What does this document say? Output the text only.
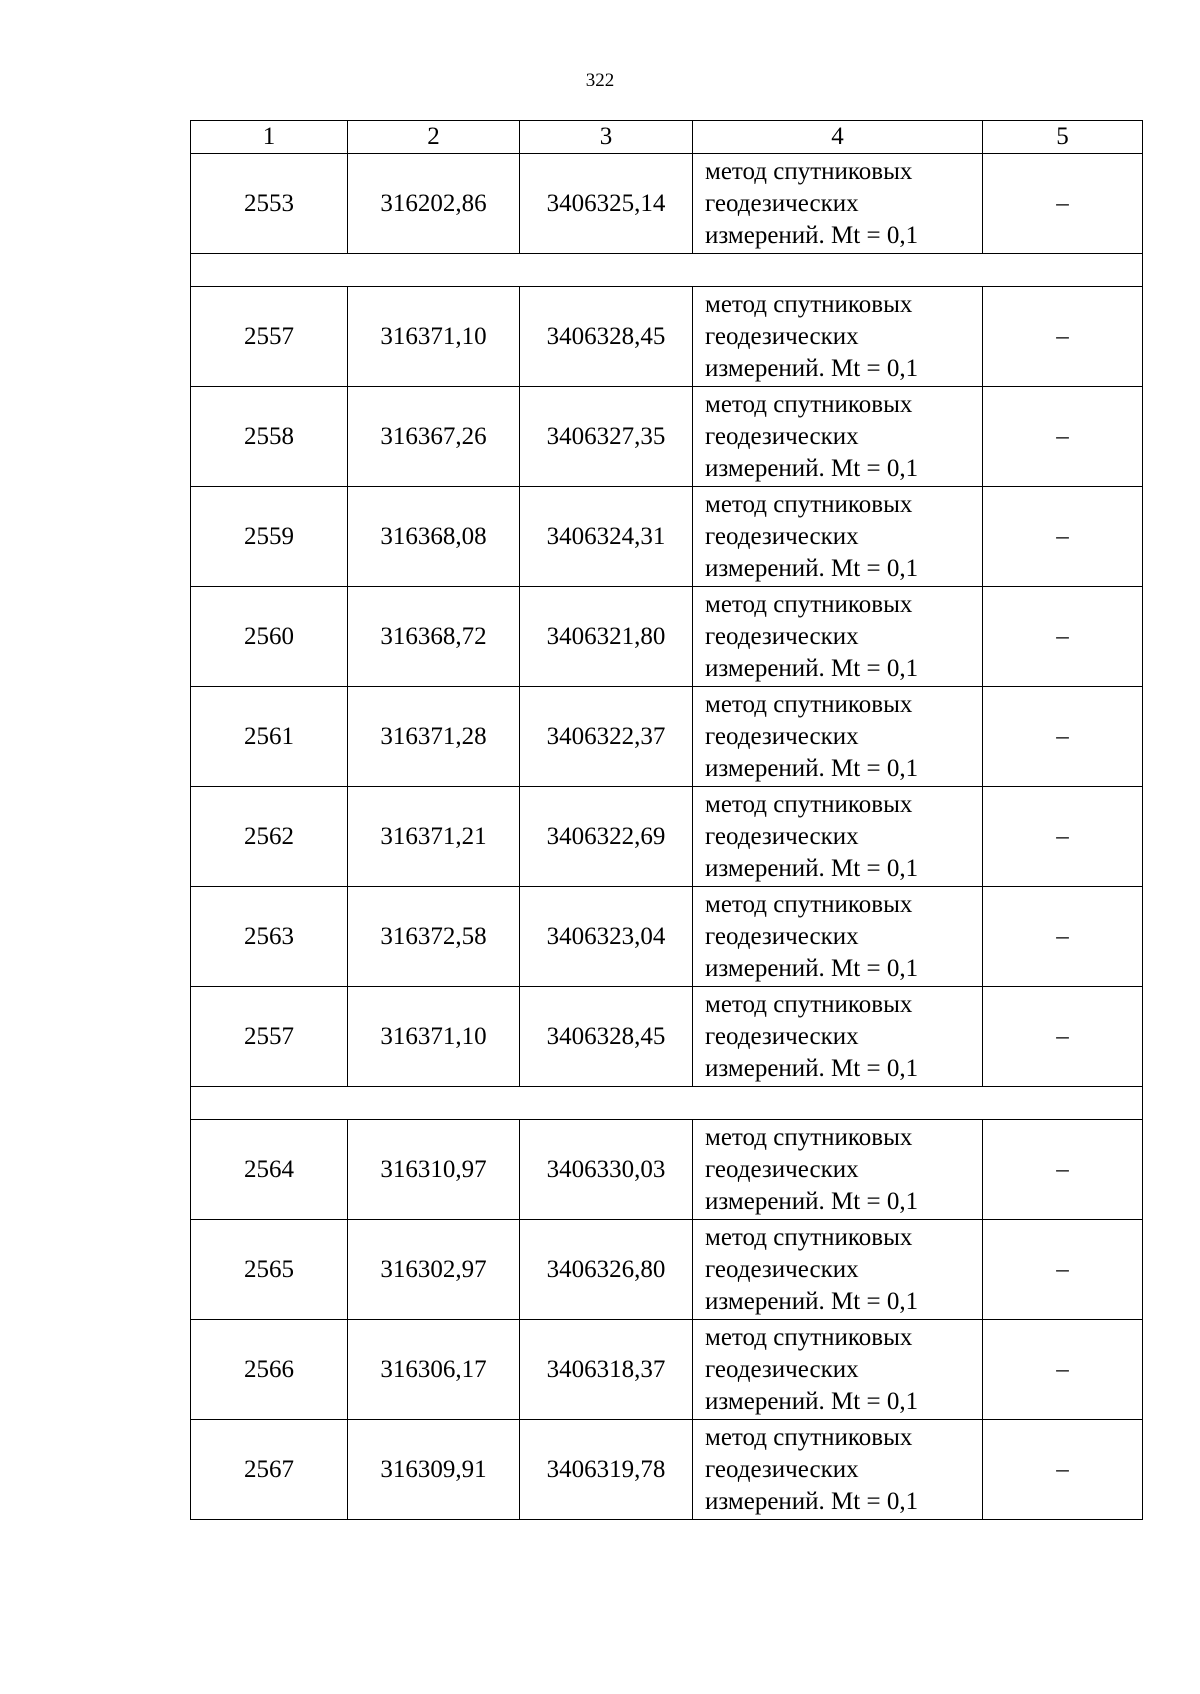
322
1	2	3	4	5
2553	316202,86	3406325,14	метод спутниковых геодезических измерений. Mt = 0,1	–

2557	316371,10	3406328,45	метод спутниковых геодезических измерений. Mt = 0,1	–
2558	316367,26	3406327,35	метод спутниковых геодезических измерений. Mt = 0,1	–
2559	316368,08	3406324,31	метод спутниковых геодезических измерений. Mt = 0,1	–
2560	316368,72	3406321,80	метод спутниковых геодезических измерений. Mt = 0,1	–
2561	316371,28	3406322,37	метод спутниковых геодезических измерений. Mt = 0,1	–
2562	316371,21	3406322,69	метод спутниковых геодезических измерений. Mt = 0,1	–
2563	316372,58	3406323,04	метод спутниковых геодезических измерений. Mt = 0,1	–
2557	316371,10	3406328,45	метод спутниковых геодезических измерений. Mt = 0,1	–

2564	316310,97	3406330,03	метод спутниковых геодезических измерений. Mt = 0,1	–
2565	316302,97	3406326,80	метод спутниковых геодезических измерений. Mt = 0,1	–
2566	316306,17	3406318,37	метод спутниковых геодезических измерений. Mt = 0,1	–
2567	316309,91	3406319,78	метод спутниковых геодезических измерений. Mt = 0,1	–
